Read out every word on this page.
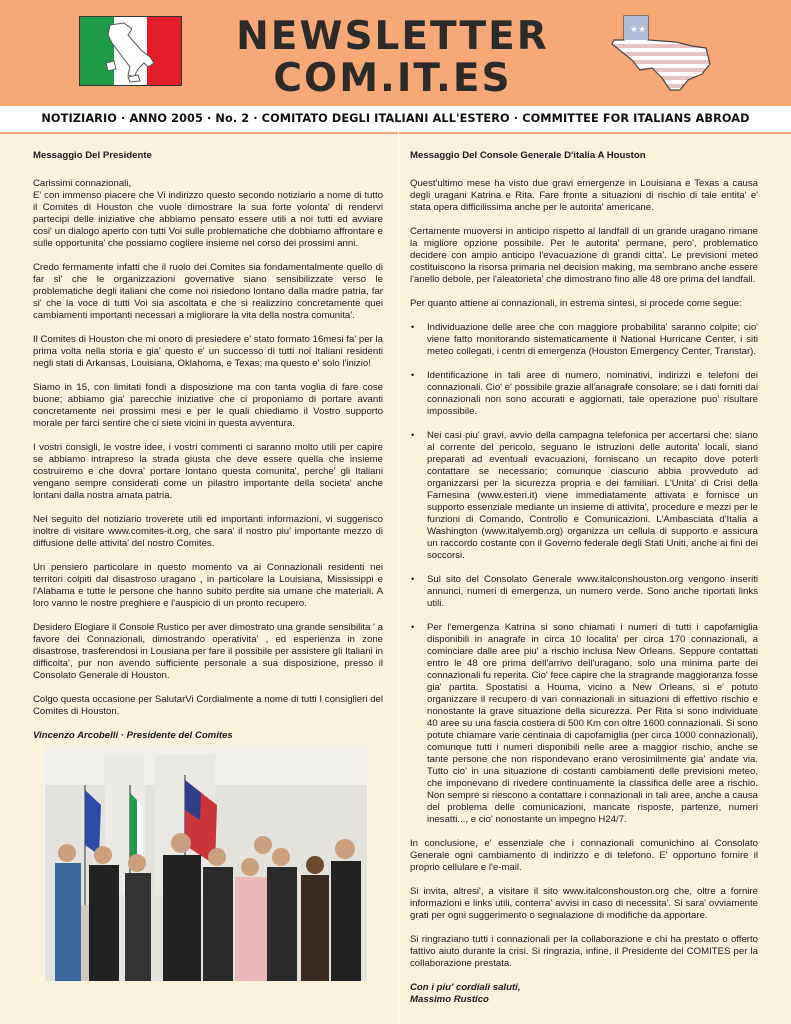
NEWSLETTER
COM.IT.ES
★★
NOTIZIARIO · ANNO 2005 · No. 2 · COMITATO DEGLI ITALIANI ALL'ESTERO · COMMITTEE FOR ITALIANS ABROAD

Messaggio Del Presidente

Carissimi connazionali,
E' con immenso piacere che Vi indirizzo questo secondo notiziario a nome di tutto il Comites di Houston che vuole dimostrare la sua forte volonta' di rendervi partecipi delle iniziative che abbiamo pensato essere utili a noi tutti ed avviare cosi' un dialogo aperto con tutti Voi sulle problematiche che dobbiamo affrontare e sulle opportunita' che possiamo cogliere insieme nel corso dei prossimi anni.

Credo fermamente infatti che il ruolo dei Comites sia fondamentalmente quello di far si' che le organizzazioni governative siano sensibilizzate verso le problematiche degli italiani che come noi risiedono lontano dalla madre patria, far si' che la voce di tutti Voi sia ascoltata e che si realizzino concretamente quei cambiamenti importanti necessari a migliorare la vita della nostra comunita'.

Il Comites di Houston che mi onoro di presiedere e' stato formato 16mesi fa' per la prima volta nella storia e gia' questo e' un successo di tutti noi Italiani residenti negli stati di Arkansas, Louisiana, Oklahoma, e Texas; ma questo e' solo l'inizio!

Siamo in 15, con limitati fondi a disposizione ma con tanta voglia di fare cose buone; abbiamo gia' parecchie iniziative che ci proponiamo di portare avanti concretamente nei prossimi mesi e per le quali chiediamo il Vostro supporto morale per farci sentire che ci siete vicini in questa avventura.

I vostri consigli, le vostre idee, i vostri commenti ci saranno molto utili per capire se abbiamo intrapreso la strada giusta che deve essere quella che insieme costruiremo e che dovra' portare lontano questa comunita', perche' gli Italiani vengano sempre considerati come un pilastro importante della societa' anche lontani dalla nostra amata patria.

Nel seguito del notiziario troverete utili ed importanti informazioni, vi suggerisco inoltre di visitare www.comites-it.org, che sara' il nostro piu' importante mezzo di diffusione delle attivita' del nostro Comites.

Un pensiero particolare in questo momento va ai Connazionali residenti nei territori colpiti dal disastroso uragano , in particolare la Louisiana, Mississippi e l'Alabama e tutte le persone che hanno subito perdite sia umane che materiali. A loro vanno le nostre preghiere e l'auspicio di un pronto recupero.

Desidero Elogiare il Console Rustico per aver dimostrato una grande sensibilita ' a favore dei Connazionali, dimostrando operativita' , ed esperienza in zone disastrose, trasferendosi in Lousiana per fare il possibile per assistere gli Italiani in difficolta', pur non avendo sufficiente personale a sua disposizione, presso il Consolato Generale di Houston.

Colgo questa occasione per SalutarVi Cordialmente a nome di tutti I consiglieri del Comites di Houston.

Vincenzo Arcobelli · Presidente del Comites

Messaggio Del Console Generale D'italia A Houston

Quest'ultimo mese ha visto due gravi emergenze in Louisiana e Texas a causa degli uragani Katrina e Rita. Fare fronte a situazioni di rischio di tale entita' e' stata opera difficilissima anche per le autorita' americane.

Certamente muoversi in anticipo rispetto al landfall di un grande uragano rimane la migliore opzione possibile. Per le autorita' permane, pero', problematico decidere con ampio anticipo l'evacuazione di grandi citta'. Le previsioni meteo costituiscono la risorsa primaria nel decision making, ma sembrano anche essere l'anello debole, per l'aleatorieta' che dimostrano fino alle 48 ore prima del landfall.

Per quanto attiene ai connazionali, in estrema sintesi, si procede come segue:

• Individuazione delle aree che con maggiore probabilita' saranno colpite; cio' viene fatto monitorando sistematicamente il National Hurricane Center, i siti meteo collegati, i centri di emergenza (Houston Emergency Center, Transtar).
• Identificazione in tali aree di numero, nominativi, indirizzi e telefoni dei connazionali. Cio' e' possibile grazie all'anagrafe consolare; se i dati forniti dai connazionali non sono accurati e aggiornati, tale operazione puo' risultare impossibile.
• Nei casi piu' gravi, avvio della campagna telefonica per accertarsi che: siano al corrente del pericolo, seguano le istruzioni delle autorita' locali, siano preparati ad eventuali evacuazioni, forniscano un recapito dove poterli contattare se necessario; comunque ciascuno abbia provveduto ad organizzarsi per la sicurezza propria e dei familiari. L'Unita' di Crisi della Farnesina (www.esteri.it) viene immediatamente attivata e fornisce un supporto essenziale mediante un insieme di attivita', procedure e mezzi per le funzioni di Comando, Controllo e Comunicazioni. L'Ambasciata d'Italia a Washington (www.italyemb.org) organizza un cellula di supporto e assicura un raccordo costante con il Governo federale degli Stati Uniti, anche ai fini dei soccorsi.
• Sul sito del Consolato Generale www.italconshouston.org vengono inseriti annunci, numeri di emergenza, un numero verde. Sono anche riportati links utili.
• Per l'emergenza Katrina si sono chiamati i numeri di tutti i capofamiglia disponibili in anagrafe in circa 10 localita' per circa 170 connazionali, a cominciare dalle aree piu' a rischio inclusa New Orleans. Seppure contattati entro le 48 ore prima dell'arrivo dell'uragano, solo una minima parte dei connazionali fu reperita. Cio' fece capire che la stragrande maggioranza fosse gia' partita. Spostatisi a Houma, vicino a New Orleans, si e' potuto organizzare il recupero di vari connazionali in situazioni di effettivo rischio e nonostante la grave situazione della sicurezza. Per Rita si sono individuate 40 aree su una fascia costiera di 500 Km con oltre 1600 connazionali. Si sono potute chiamare varie centinaia di capofamiglia (per circa 1000 connazionali), comunque tutti i numeri disponibili nelle aree a maggior rischio, anche se tante persone che non rispondevano erano verosimilmente gia' andate via. Tutto cio' in una situazione di costanti cambiamenti delle previsioni meteo, che imponevano di rivedere continuamente la classifica delle aree a rischio. Non sempre si riescono a contattare i connazionali in tali aree, anche a causa del problema delle comunicazioni, mancate risposte, partenze, numeri inesatti..., e cio' nonostante un impegno H24/7.

In conclusione, e' essenziale che i connazionali comunichino al Consolato Generale ogni cambiamento di indirizzo e di telefono. E' opportuno fornire il proprio cellulare e l'e-mail.

Si invita, altresi', a visitare il sito www.italconshouston.org che, oltre a fornire informazioni e links utili, conterra' avvisi in caso di necessita'. Si sara' ovviamente grati per ogni suggerimento o segnalazione di modifiche da apportare.

Si ringraziano tutti i connazionali per la collaborazione e chi ha prestato o offerto fattivo aiuto durante la crisi. Si ringrazia, infine, il Presidente del COMITES per la collaborazione prestata.

Con i piu' cordiali saluti,

Massimo Rustico
